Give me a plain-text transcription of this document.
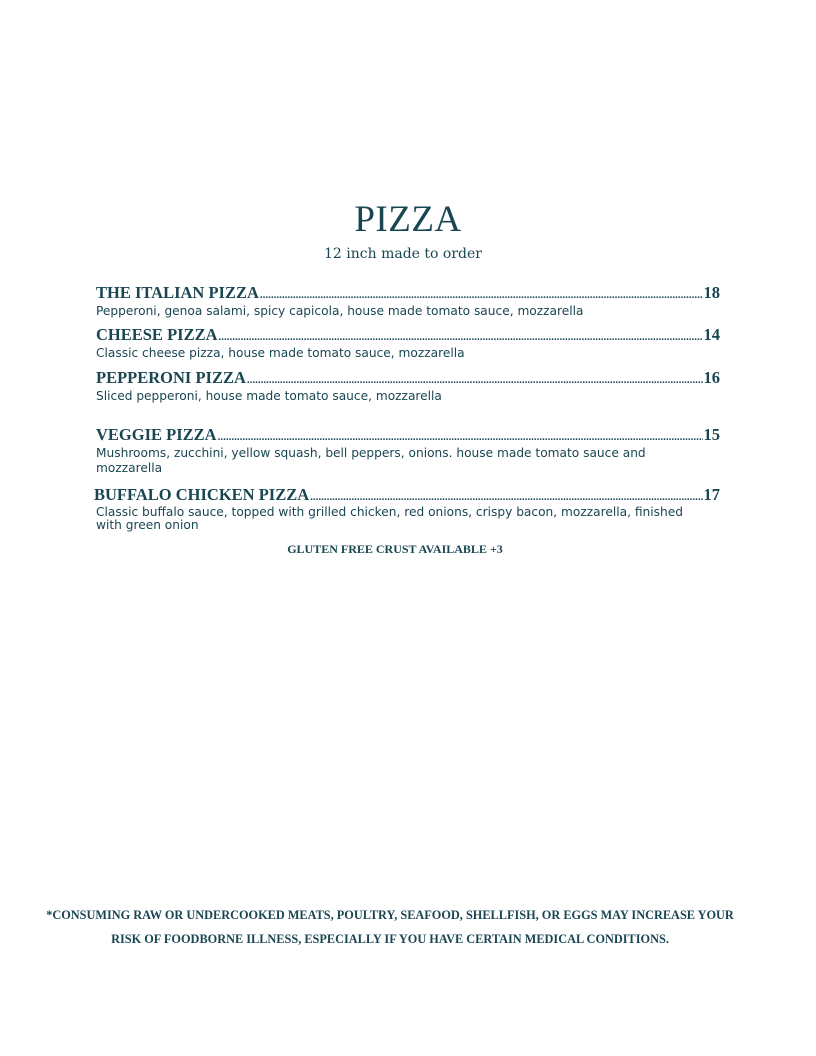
PIZZA
12 inch made to order
THE ITALIAN PIZZA .....	18
Pepperoni, genoa salami, spicy capicola, house made tomato sauce, mozzarella
CHEESE PIZZA .....	14
Classic cheese pizza, house made tomato sauce, mozzarella
PEPPERONI PIZZA .....	16
Sliced pepperoni, house made tomato sauce, mozzarella
VEGGIE PIZZA .....	15
Mushrooms, zucchini, yellow squash, bell peppers, onions. house made tomato sauce and mozzarella
BUFFALO CHICKEN PIZZA .....	17
Classic buffalo sauce, topped with grilled chicken, red onions, crispy bacon, mozzarella, finished with green onion
GLUTEN FREE CRUST AVAILABLE +3
*CONSUMING RAW OR UNDERCOOKED MEATS, POULTRY, SEAFOOD, SHELLFISH, OR EGGS MAY INCREASE YOUR RISK OF FOODBORNE ILLNESS, ESPECIALLY IF YOU HAVE CERTAIN MEDICAL CONDITIONS.
